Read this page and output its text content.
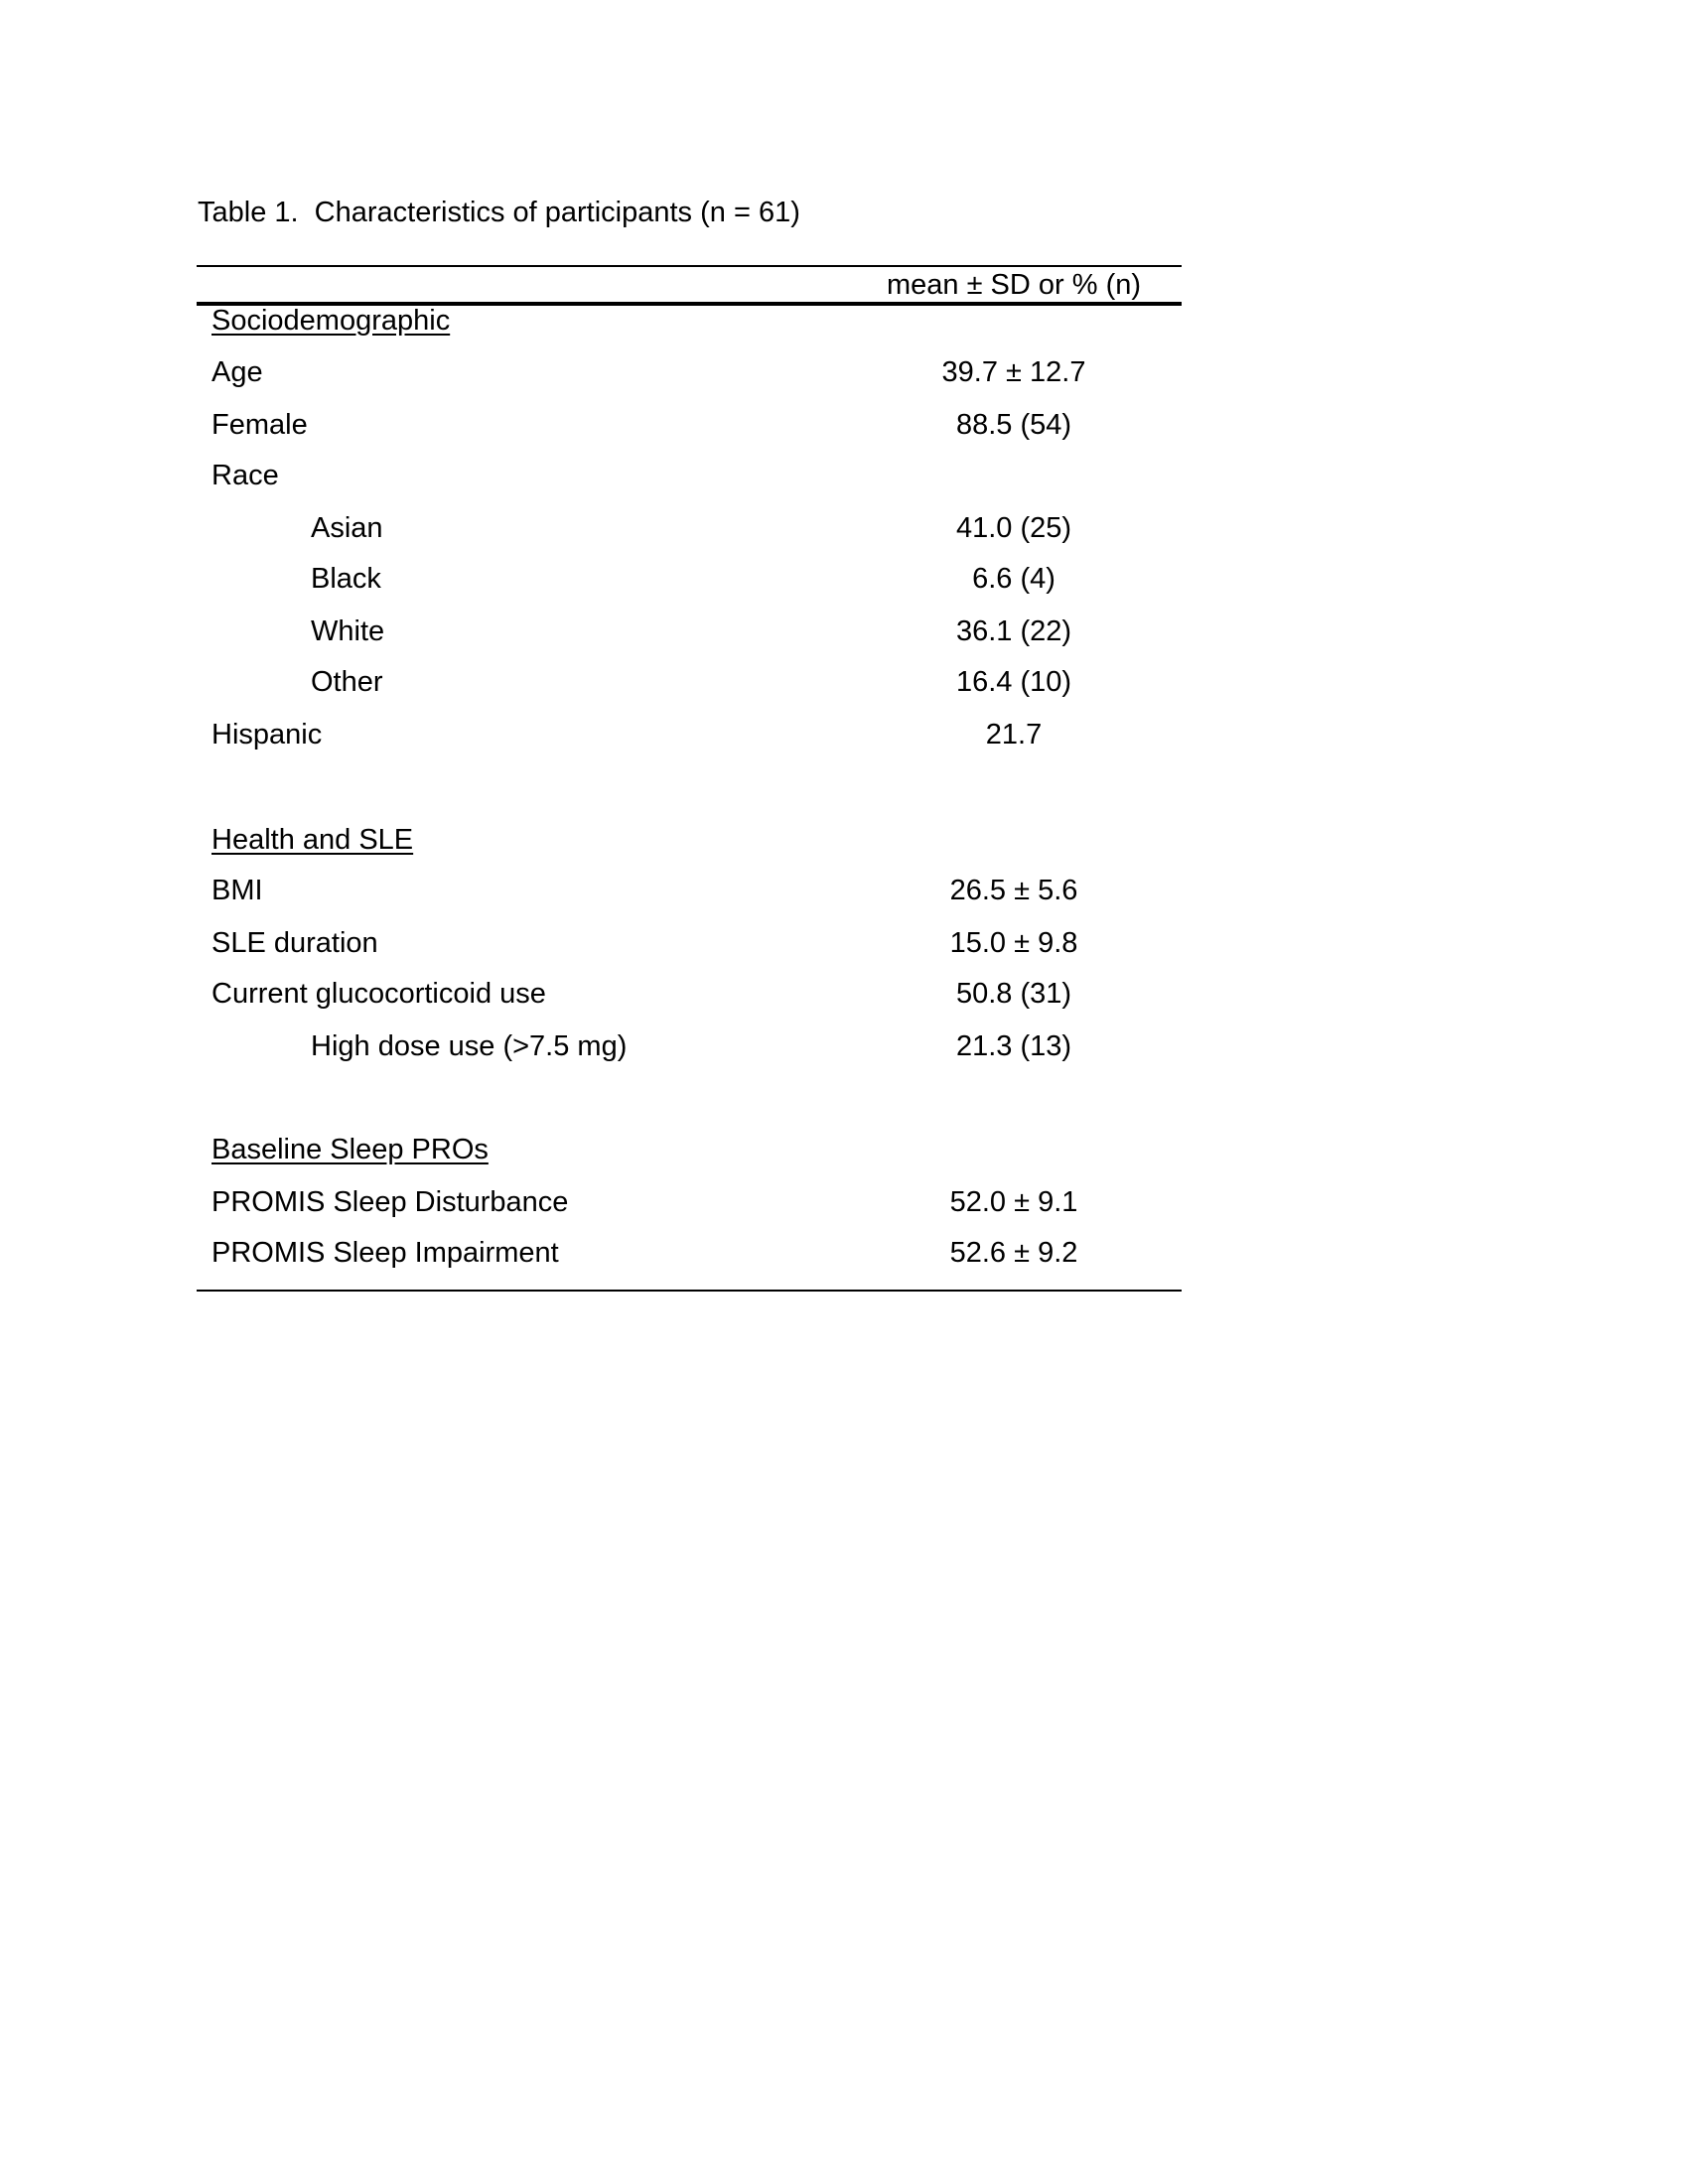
Table 1.  Characteristics of participants (n = 61)
mean ± SD or % (n)
Sociodemographic
Age	39.7 ± 12.7
Female	88.5 (54)
Race
Asian	41.0 (25)
Black	6.6 (4)
White	36.1 (22)
Other	16.4 (10)
Hispanic	21.7
Health and SLE
BMI	26.5 ± 5.6
SLE duration	15.0 ± 9.8
Current glucocorticoid use	50.8 (31)
High dose use (>7.5 mg)	21.3 (13)
Baseline Sleep PROs
PROMIS Sleep Disturbance	52.0 ± 9.1
PROMIS Sleep Impairment	52.6 ± 9.2
